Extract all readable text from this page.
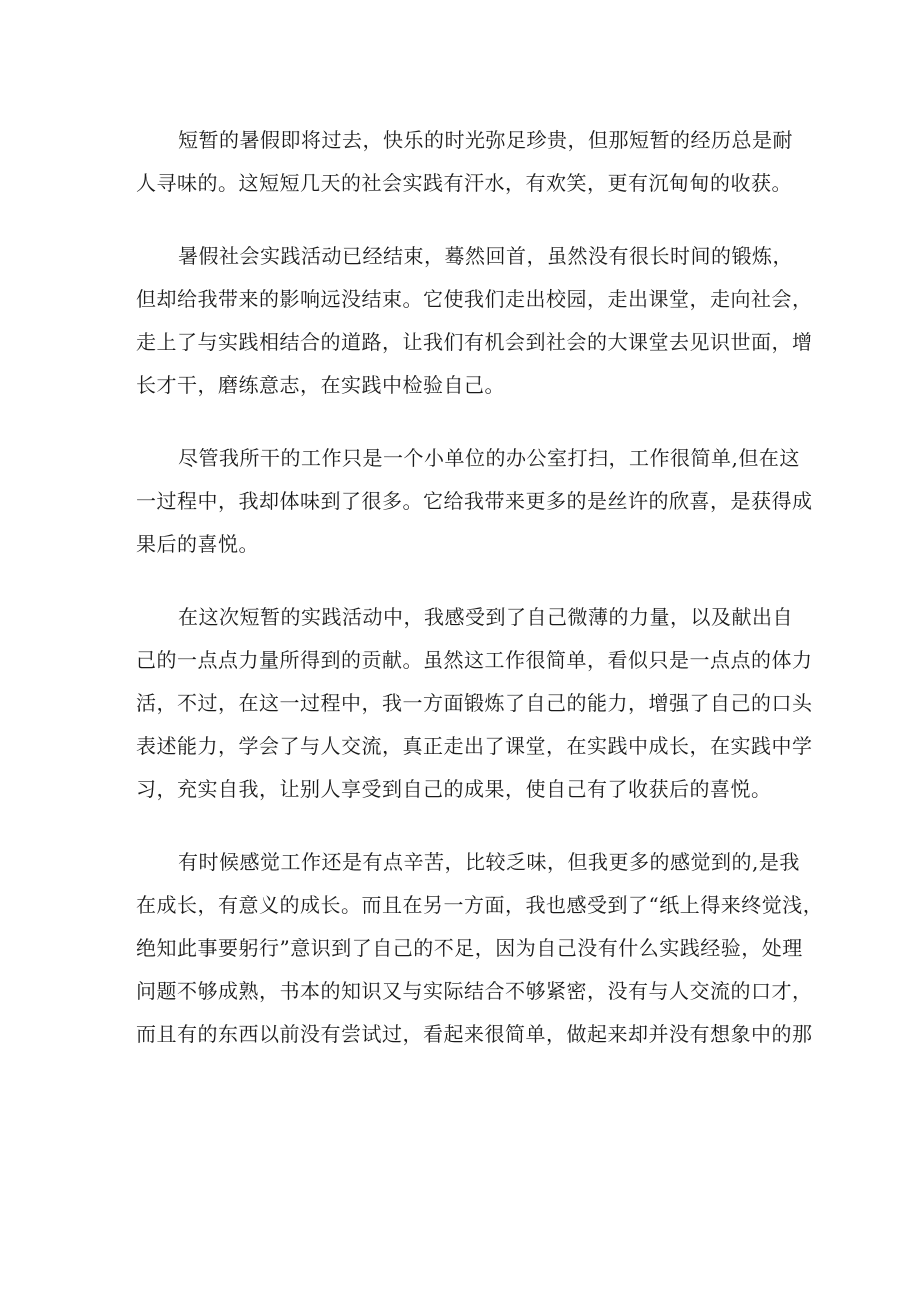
短暂的暑假即将过去，快乐的时光弥足珍贵，但那短暂的经历总是耐
人寻味的。这短短几天的社会实践有汗水，有欢笑，更有沉甸甸的收获。

暑假社会实践活动已经结束，蓦然回首，虽然没有很长时间的锻炼，
但却给我带来的影响远没结束。它使我们走出校园，走出课堂，走向社会，
走上了与实践相结合的道路，让我们有机会到社会的大课堂去见识世面，增
长才干，磨练意志，在实践中检验自己。

尽管我所干的工作只是一个小单位的办公室打扫，工作很简单,但在这
一过程中，我却体味到了很多。它给我带来更多的是丝许的欣喜，是获得成
果后的喜悦。

在这次短暂的实践活动中，我感受到了自己微薄的力量，以及献出自
己的一点点力量所得到的贡献。虽然这工作很简单，看似只是一点点的体力
活，不过，在这一过程中，我一方面锻炼了自己的能力，增强了自己的口头
表述能力，学会了与人交流，真正走出了课堂，在实践中成长，在实践中学
习，充实自我，让别人享受到自己的成果，使自己有了收获后的喜悦。

有时候感觉工作还是有点辛苦，比较乏味，但我更多的感觉到的,是我
在成长，有意义的成长。而且在另一方面，我也感受到了“纸上得来终觉浅，
绝知此事要躬行”意识到了自己的不足，因为自己没有什么实践经验，处理
问题不够成熟，书本的知识又与实际结合不够紧密，没有与人交流的口才，
而且有的东西以前没有尝试过，看起来很简单，做起来却并没有想象中的那
